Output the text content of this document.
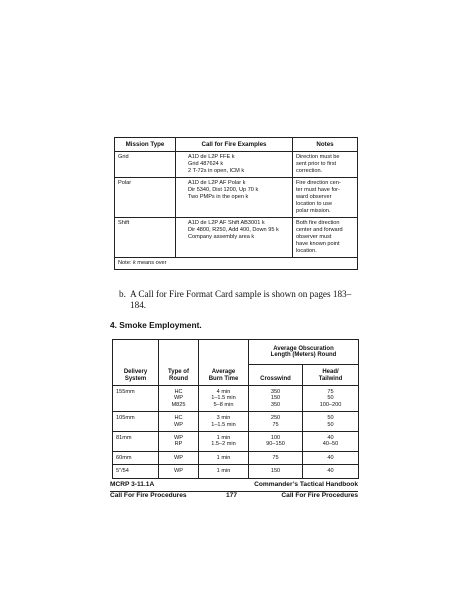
Mission Type	Call for Fire Examples	Notes
Grid	A1D de L2P FFE k
Grid 487624 k
2 T-72s in open, ICM k	Direction must be
sent prior to first
correction.

Polar	A1D de L2P AF Polar k
Dir 5340, Dist 1200, Up 70 k
Two PMPs in the open k	Fire direction cen-
ter must have for-
ward observer
location to use
polar mission.

Shift	A1D de L2P AF Shift AB3001 k
Dir 4800, R250, Add 400, Down 95 k
Company assembly area k	Both fire direction
center and forward
observer must
have known point
location.

Note: k means over		
b. A Call for Fire Format Card sample is shown on pages 183–
184.
4. Smoke Employment.
Delivery
System	Type of
Round	Average
Burn Time	Average Obscuration
Length (Meters) Round	

			Crosswind	Head/
Tailwind

155mm	HC
WP
M825	4 min
1–1.5 min
5–8 min	350
150
350	75
50
100–200

105mm	HC
WP	3 min
1–1.5 min	250
75	50
50

81mm	WP
RP	1 min
1.5–2 min	100
90–150	40
40–50

60mm	WP	1 min	75	40
5"/54	WP	1 min	150	40
MCRP 3-11.1A	Commander’s Tactical Handbook
Call For Fire Procedures	177	Call For Fire Procedures
